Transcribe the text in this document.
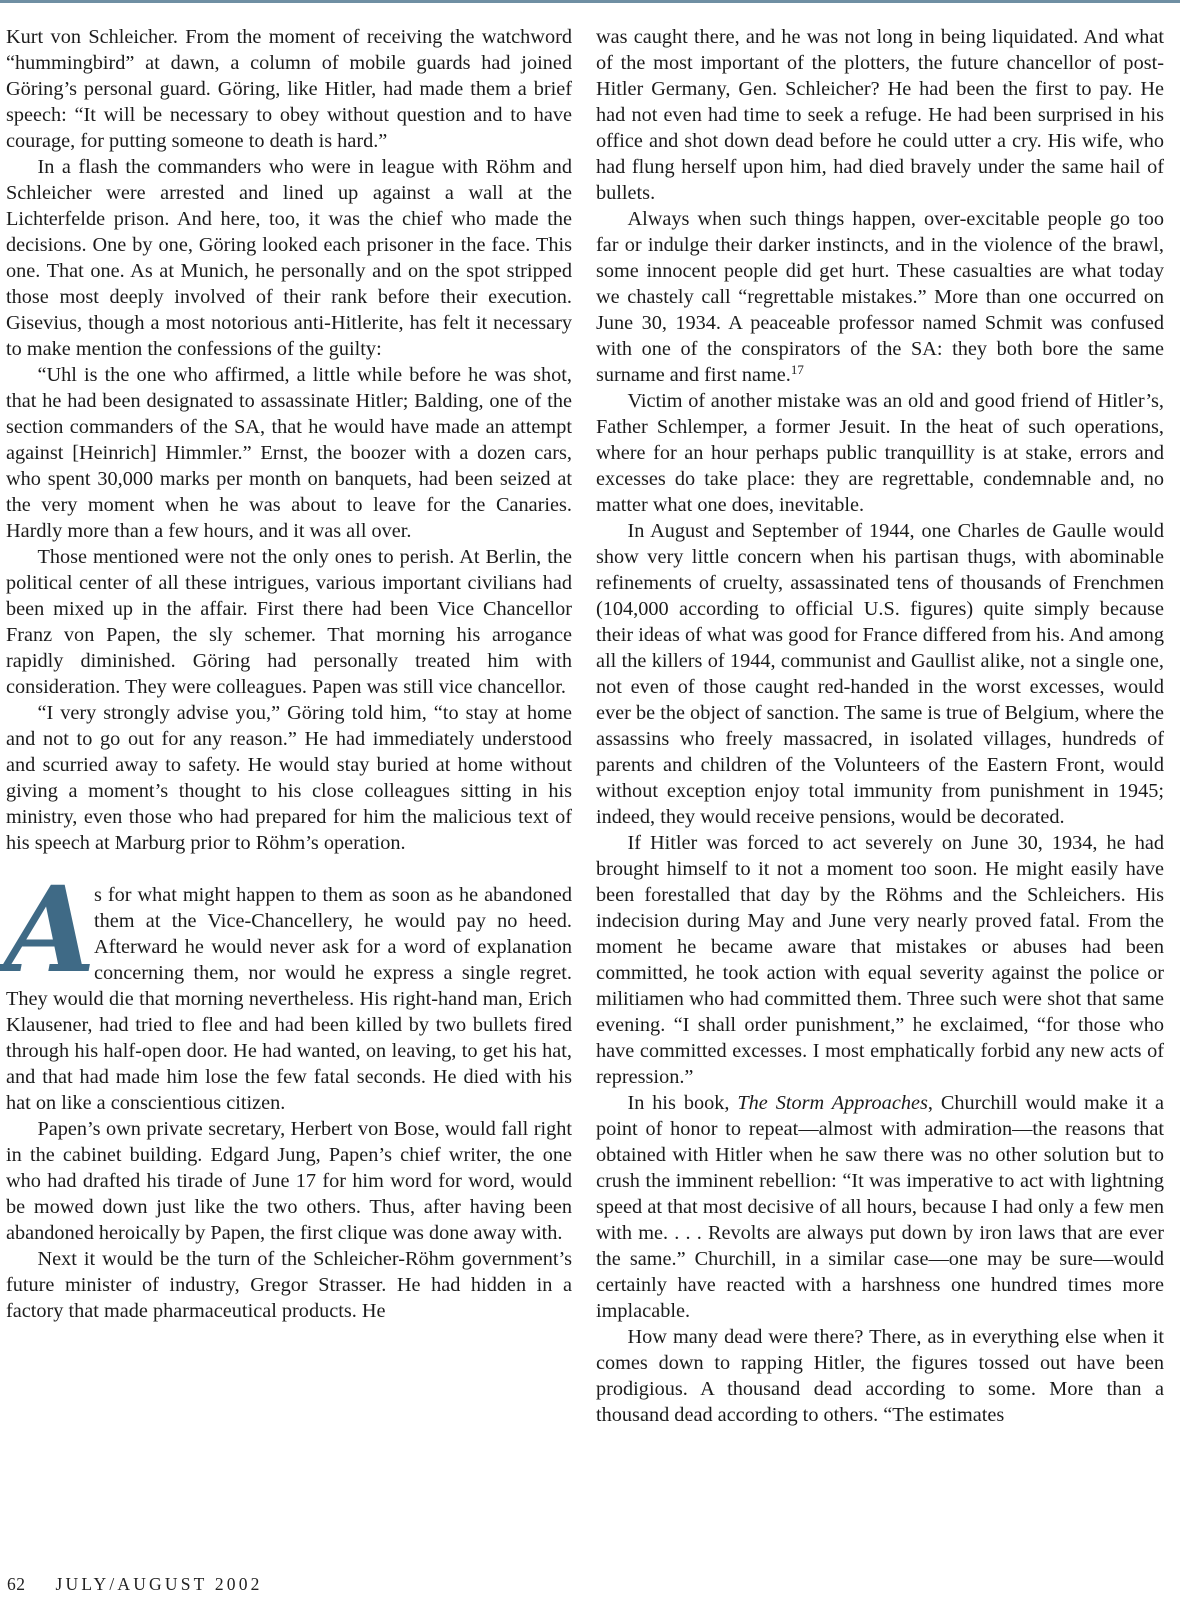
Kurt von Schleicher. From the moment of receiving the watchword “hummingbird” at dawn, a column of mobile guards had joined Göring’s personal guard. Göring, like Hitler, had made them a brief speech: “It will be necessary to obey without question and to have courage, for putting someone to death is hard.”

In a flash the commanders who were in league with Röhm and Schleicher were arrested and lined up against a wall at the Lichterfelde prison. And here, too, it was the chief who made the decisions. One by one, Göring looked each prisoner in the face. This one. That one. As at Munich, he personally and on the spot stripped those most deeply involved of their rank before their execution. Gisevius, though a most notorious anti-Hitlerite, has felt it necessary to make mention the confessions of the guilty:

“Uhl is the one who affirmed, a little while before he was shot, that he had been designated to assassinate Hitler; Balding, one of the section commanders of the SA, that he would have made an attempt against [Heinrich] Himmler.” Ernst, the boozer with a dozen cars, who spent 30,000 marks per month on banquets, had been seized at the very moment when he was about to leave for the Canaries. Hardly more than a few hours, and it was all over.

Those mentioned were not the only ones to perish. At Berlin, the political center of all these intrigues, various important civilians had been mixed up in the affair. First there had been Vice Chancellor Franz von Papen, the sly schemer. That morning his arrogance rapidly diminished. Göring had personally treated him with consideration. They were colleagues. Papen was still vice chancellor.

“I very strongly advise you,” Göring told him, “to stay at home and not to go out for any reason.” He had immediately understood and scurried away to safety. He would stay buried at home without giving a moment’s thought to his close colleagues sitting in his ministry, even those who had prepared for him the malicious text of his speech at Marburg prior to Röhm’s operation.

A
s for what might happen to them as soon as he abandoned them at the Vice-Chancellery, he would pay no heed. Afterward he would never ask for a word of explanation concerning them, nor would he express a single regret. They would die that morning nevertheless. His right-hand man, Erich Klausener, had tried to flee and had been killed by two bullets fired through his half-open door. He had wanted, on leaving, to get his hat, and that had made him lose the few fatal seconds. He died with his hat on like a conscientious citizen.

Papen’s own private secretary, Herbert von Bose, would fall right in the cabinet building. Edgard Jung, Papen’s chief writer, the one who had drafted his tirade of June 17 for him word for word, would be mowed down just like the two others. Thus, after having been abandoned heroically by Papen, the first clique was done away with.

Next it would be the turn of the Schleicher-Röhm government’s future minister of industry, Gregor Strasser. He had hidden in a factory that made pharmaceutical products. He

was caught there, and he was not long in being liquidated. And what of the most important of the plotters, the future chancellor of post-Hitler Germany, Gen. Schleicher? He had been the first to pay. He had not even had time to seek a refuge. He had been surprised in his office and shot down dead before he could utter a cry. His wife, who had flung herself upon him, had died bravely under the same hail of bullets.

Always when such things happen, over-excitable people go too far or indulge their darker instincts, and in the violence of the brawl, some innocent people did get hurt. These casualties are what today we chastely call “regrettable mistakes.” More than one occurred on June 30, 1934. A peaceable professor named Schmit was confused with one of the conspirators of the SA: they both bore the same surname and first name.$^{17}$

Victim of another mistake was an old and good friend of Hitler’s, Father Schlemper, a former Jesuit. In the heat of such operations, where for an hour perhaps public tranquillity is at stake, errors and excesses do take place: they are regrettable, condemnable and, no matter what one does, inevitable.

In August and September of 1944, one Charles de Gaulle would show very little concern when his partisan thugs, with abominable refinements of cruelty, assassinated tens of thousands of Frenchmen (104,000 according to official U.S. figures) quite simply because their ideas of what was good for France differed from his. And among all the killers of 1944, communist and Gaullist alike, not a single one, not even of those caught red-handed in the worst excesses, would ever be the object of sanction. The same is true of Belgium, where the assassins who freely massacred, in isolated villages, hundreds of parents and children of the Volunteers of the Eastern Front, would without exception enjoy total immunity from punishment in 1945; indeed, they would receive pensions, would be decorated.

If Hitler was forced to act severely on June 30, 1934, he had brought himself to it not a moment too soon. He might easily have been forestalled that day by the Röhms and the Schleichers. His indecision during May and June very nearly proved fatal. From the moment he became aware that mistakes or abuses had been committed, he took action with equal severity against the police or militiamen who had committed them. Three such were shot that same evening. “I shall order punishment,” he exclaimed, “for those who have committed excesses. I most emphatically forbid any new acts of repression.”

In his book, The Storm Approaches, Churchill would make it a point of honor to repeat—almost with admiration—the reasons that obtained with Hitler when he saw there was no other solution but to crush the imminent rebellion: “It was imperative to act with lightning speed at that most decisive of all hours, because I had only a few men with me. . . . Revolts are always put down by iron laws that are ever the same.” Churchill, in a similar case—one may be sure—would certainly have reacted with a harshness one hundred times more implacable.

How many dead were there? There, as in everything else when it comes down to rapping Hitler, the figures tossed out have been prodigious. A thousand dead according to some. More than a thousand dead according to others. “The estimates

62 JULY/AUGUST 2002
